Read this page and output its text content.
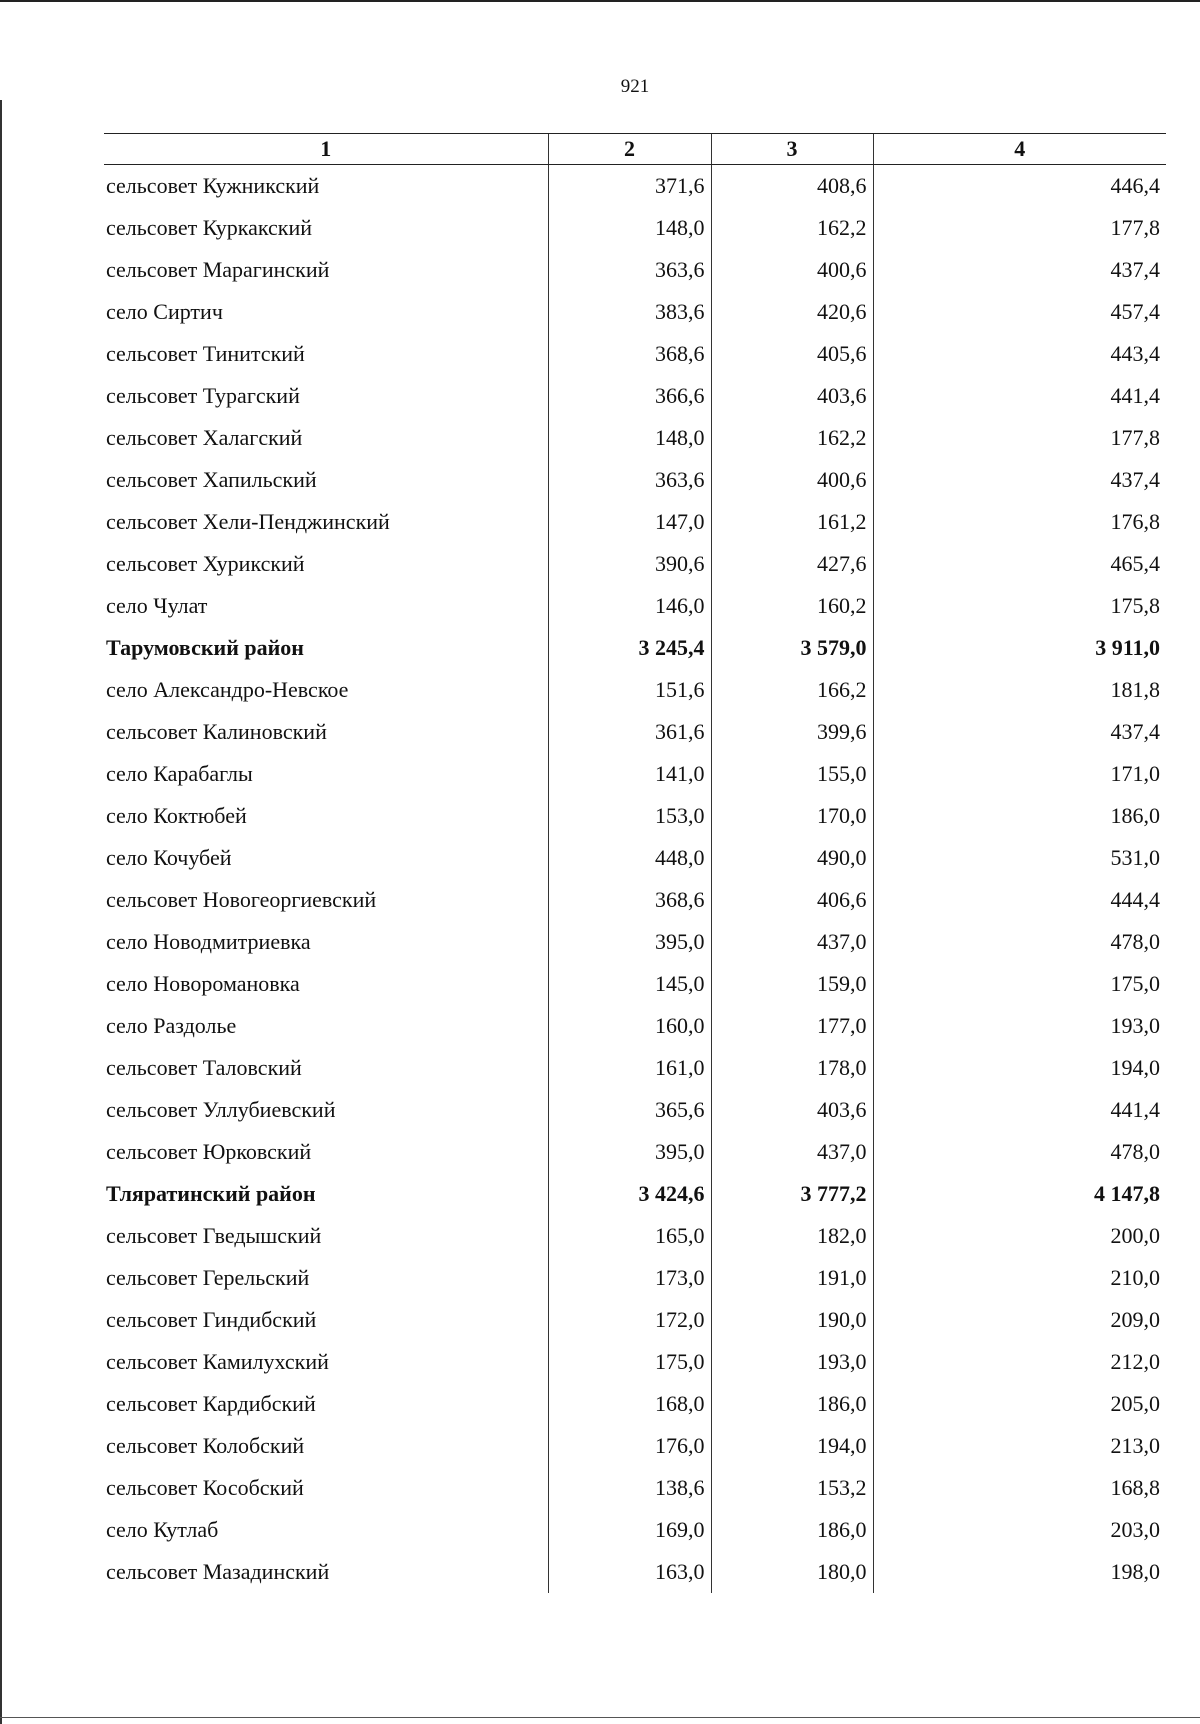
921
1	2	3	4
сельсовет Кужникский	371,6	408,6	446,4
сельсовет Куркакский	148,0	162,2	177,8
сельсовет Марагинский	363,6	400,6	437,4
село Сиртич	383,6	420,6	457,4
сельсовет Тинитский	368,6	405,6	443,4
сельсовет Турагский	366,6	403,6	441,4
сельсовет Халагский	148,0	162,2	177,8
сельсовет Хапильский	363,6	400,6	437,4
сельсовет Хели-Пенджинский	147,0	161,2	176,8
сельсовет Хурикский	390,6	427,6	465,4
село Чулат	146,0	160,2	175,8
Тарумовский район	3 245,4	3 579,0	3 911,0
село Александро-Невское	151,6	166,2	181,8
сельсовет Калиновский	361,6	399,6	437,4
село Карабаглы	141,0	155,0	171,0
село Коктюбей	153,0	170,0	186,0
село Кочубей	448,0	490,0	531,0
сельсовет Новогеоргиевский	368,6	406,6	444,4
село Новодмитриевка	395,0	437,0	478,0
село Новоромановка	145,0	159,0	175,0
село Раздолье	160,0	177,0	193,0
сельсовет Таловский	161,0	178,0	194,0
сельсовет Уллубиевский	365,6	403,6	441,4
сельсовет Юрковский	395,0	437,0	478,0
Тляратинский район	3 424,6	3 777,2	4 147,8
сельсовет Гведышский	165,0	182,0	200,0
сельсовет Герельский	173,0	191,0	210,0
сельсовет Гиндибский	172,0	190,0	209,0
сельсовет Камилухский	175,0	193,0	212,0
сельсовет Кардибский	168,0	186,0	205,0
сельсовет Колобский	176,0	194,0	213,0
сельсовет Кособский	138,6	153,2	168,8
село Кутлаб	169,0	186,0	203,0
сельсовет Мазадинский	163,0	180,0	198,0
